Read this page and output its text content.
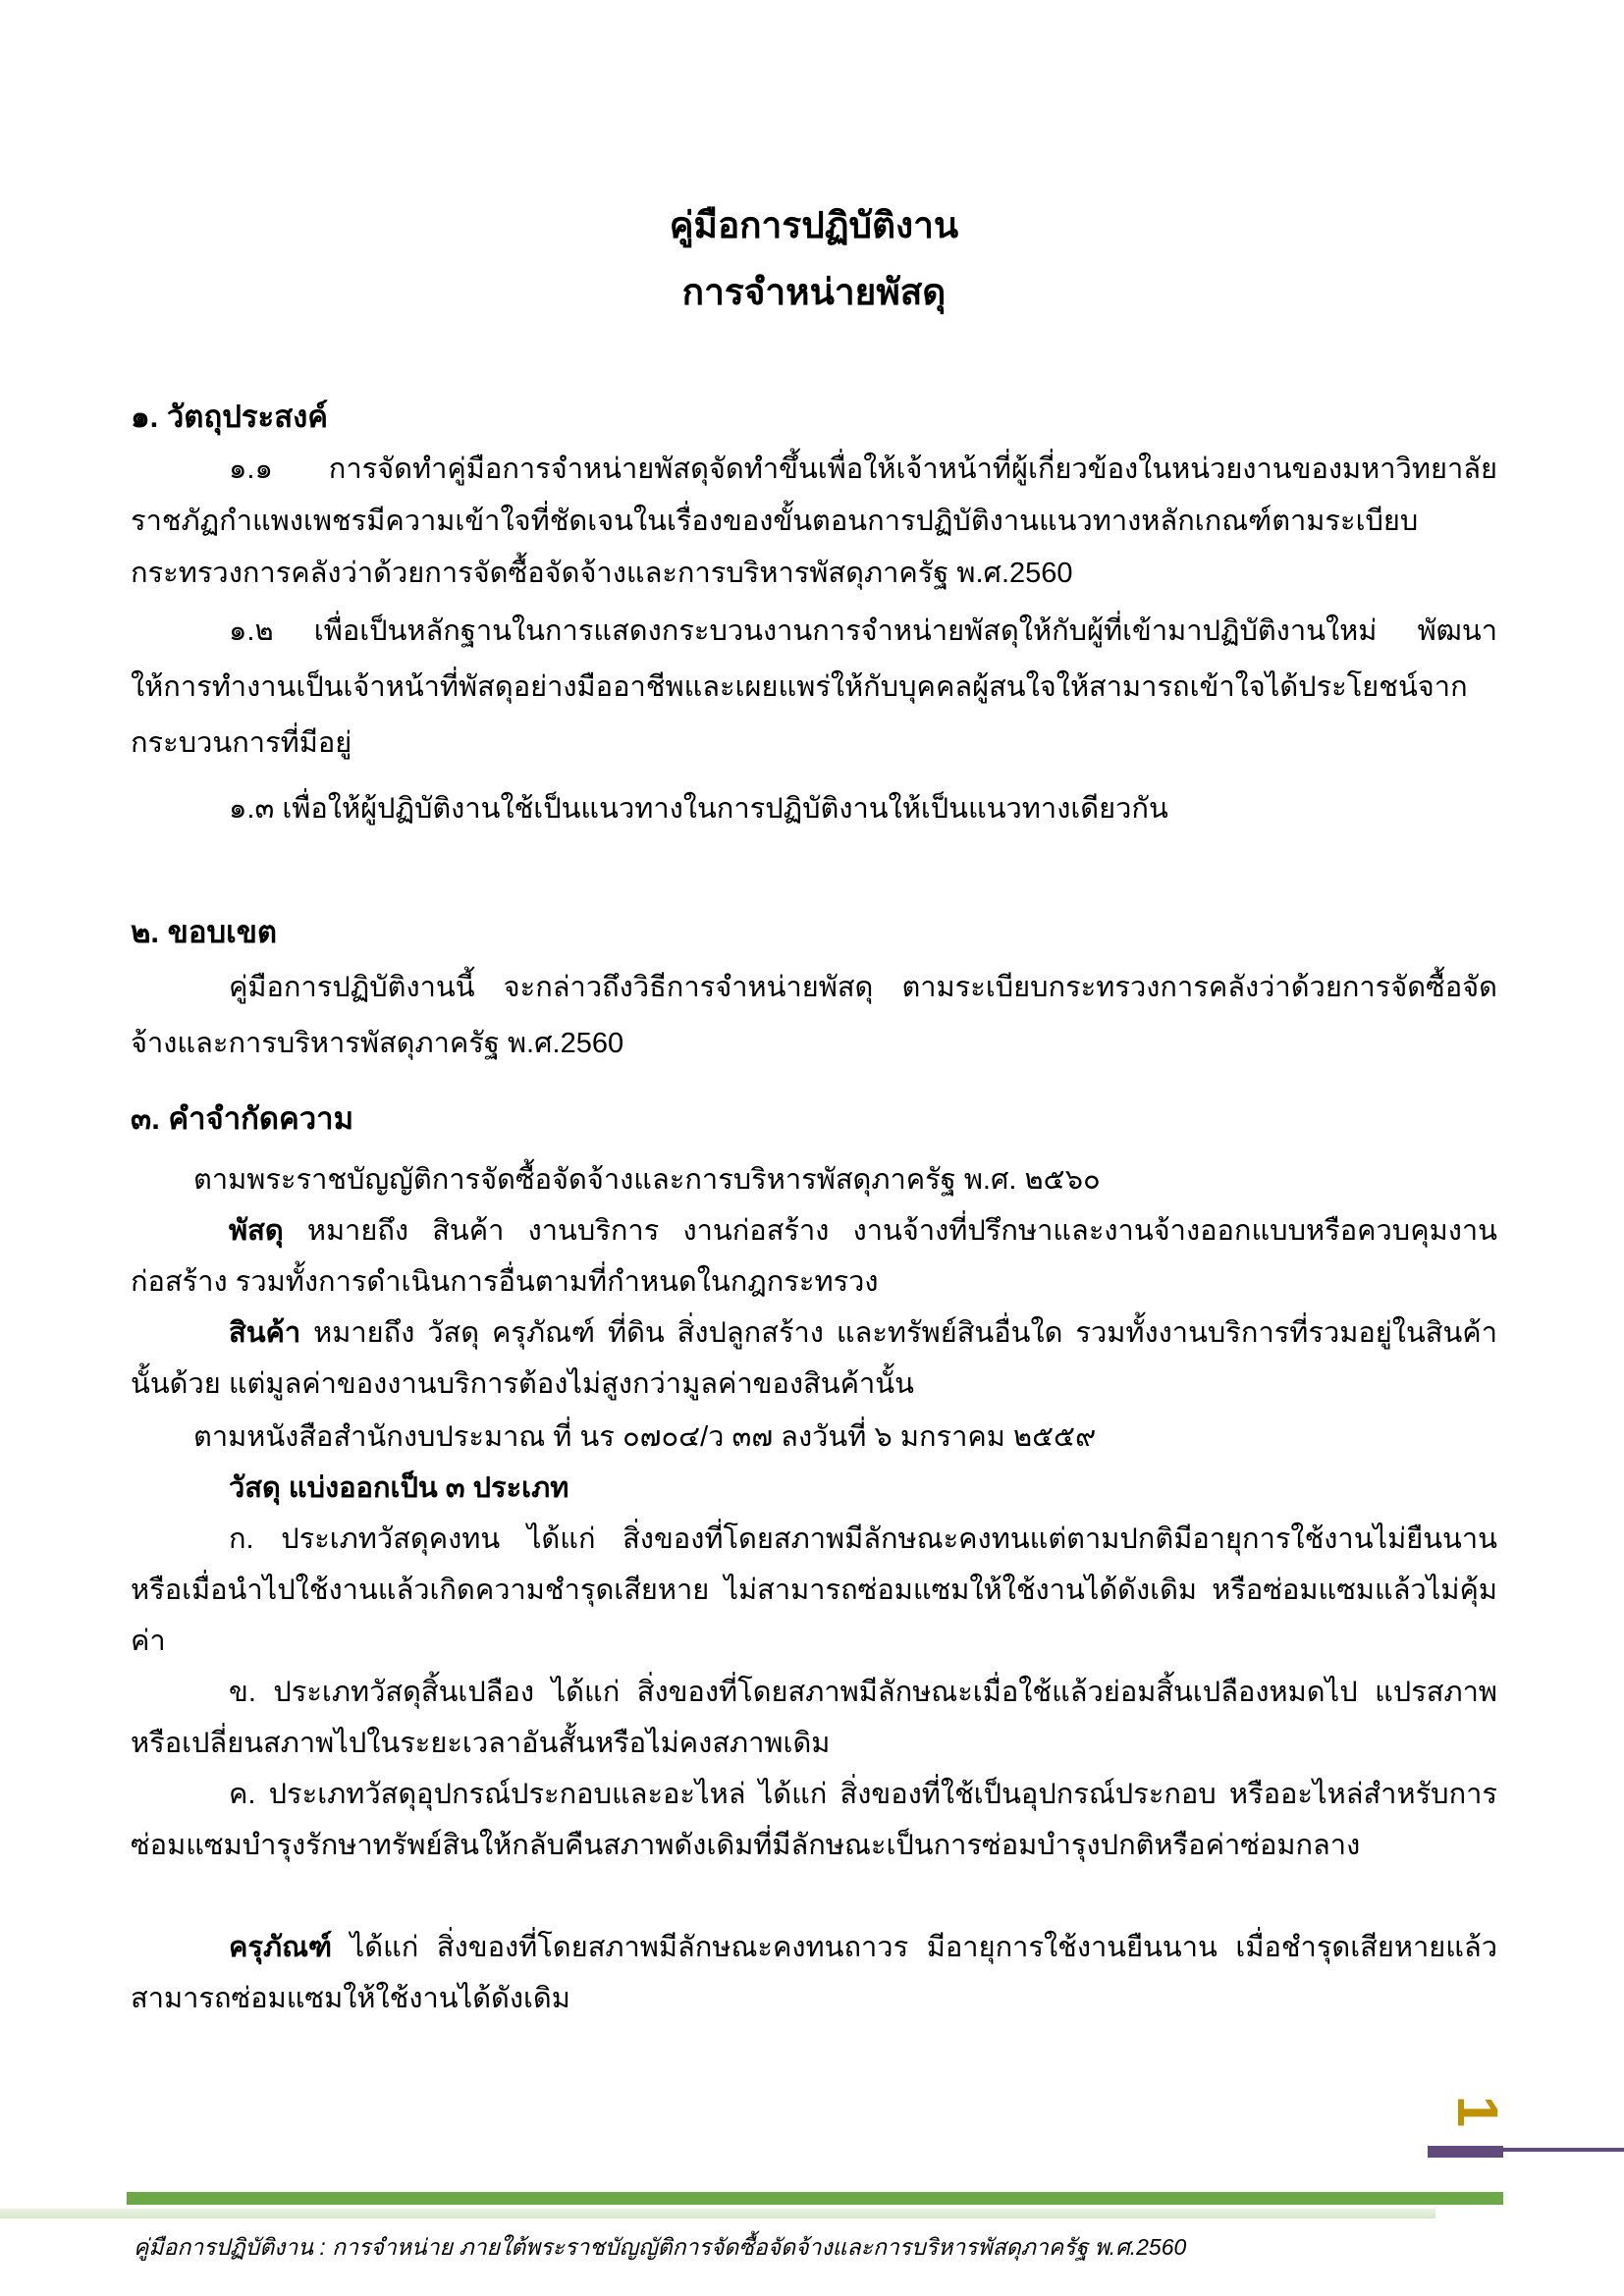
คู่มือการปฏิบัติงาน
การจำหน่ายพัสดุ
๑. วัตถุประสงค์

๑.๑ การจัดทำคู่มือการจำหน่ายพัสดุจัดทำขึ้นเพื่อให้เจ้าหน้าที่ผู้เกี่ยวข้องในหน่วยงานของมหาวิทยาลัยราชภัฏกำแพงเพชรมีความเข้าใจที่ชัดเจนในเรื่องของขั้นตอนการปฏิบัติงานแนวทางหลักเกณฑ์ตามระเบียบกระทรวงการคลังว่าด้วยการจัดซื้อจัดจ้างและการบริหารพัสดุภาครัฐ พ.ศ.2560

๑.๒ เพื่อเป็นหลักฐานในการแสดงกระบวนงานการจำหน่ายพัสดุให้กับผู้ที่เข้ามาปฏิบัติงานใหม่ พัฒนาให้การทำงานเป็นเจ้าหน้าที่พัสดุอย่างมืออาชีพและเผยแพร่ให้กับบุคคลผู้สนใจให้สามารถเข้าใจได้ประโยชน์จากกระบวนการที่มีอยู่

๑.๓ เพื่อให้ผู้ปฏิบัติงานใช้เป็นแนวทางในการปฏิบัติงานให้เป็นแนวทางเดียวกัน

๒. ขอบเขต

คู่มือการปฏิบัติงานนี้ จะกล่าวถึงวิธีการจำหน่ายพัสดุ ตามระเบียบกระทรวงการคลังว่าด้วยการจัดซื้อจัดจ้างและการบริหารพัสดุภาครัฐ พ.ศ.2560

๓. คำจำกัดความ

ตามพระราชบัญญัติการจัดซื้อจัดจ้างและการบริหารพัสดุภาครัฐ พ.ศ. ๒๕๖๐

พัสดุ หมายถึง สินค้า งานบริการ งานก่อสร้าง งานจ้างที่ปรึกษาและงานจ้างออกแบบหรือควบคุมงานก่อสร้าง รวมทั้งการดำเนินการอื่นตามที่กำหนดในกฎกระทรวง

สินค้า หมายถึง วัสดุ ครุภัณฑ์ ที่ดิน สิ่งปลูกสร้าง และทรัพย์สินอื่นใด รวมทั้งงานบริการที่รวมอยู่ในสินค้านั้นด้วย แต่มูลค่าของงานบริการต้องไม่สูงกว่ามูลค่าของสินค้านั้น

ตามหนังสือสำนักงบประมาณ ที่ นร ๐๗๐๔/ว ๓๗ ลงวันที่ ๖ มกราคม ๒๕๕๙

วัสดุ แบ่งออกเป็น ๓ ประเภท

ก. ประเภทวัสดุคงทน ได้แก่ สิ่งของที่โดยสภาพมีลักษณะคงทนแต่ตามปกติมีอายุการใช้งานไม่ยืนนาน หรือเมื่อนำไปใช้งานแล้วเกิดความชำรุดเสียหาย ไม่สามารถซ่อมแซมให้ใช้งานได้ดังเดิม หรือซ่อมแซมแล้วไม่คุ้มค่า

ข. ประเภทวัสดุสิ้นเปลือง ได้แก่ สิ่งของที่โดยสภาพมีลักษณะเมื่อใช้แล้วย่อมสิ้นเปลืองหมดไป แปรสภาพ หรือเปลี่ยนสภาพไปในระยะเวลาอันสั้นหรือไม่คงสภาพเดิม

ค. ประเภทวัสดุอุปกรณ์ประกอบและอะไหล่ ได้แก่ สิ่งของที่ใช้เป็นอุปกรณ์ประกอบ หรืออะไหล่สำหรับการซ่อมแซมบำรุงรักษาทรัพย์สินให้กลับคืนสภาพดังเดิมที่มีลักษณะเป็นการซ่อมบำรุงปกติหรือค่าซ่อมกลาง

ครุภัณฑ์ ได้แก่ สิ่งของที่โดยสภาพมีลักษณะคงทนถาวร มีอายุการใช้งานยืนนาน เมื่อชำรุดเสียหายแล้วสามารถซ่อมแซมให้ใช้งานได้ดังเดิม

1
คู่มือการปฏิบัติงาน : การจำหน่าย ภายใต้พระราชบัญญัติการจัดซื้อจัดจ้างและการบริหารพัสดุภาครัฐ พ.ศ.2560
